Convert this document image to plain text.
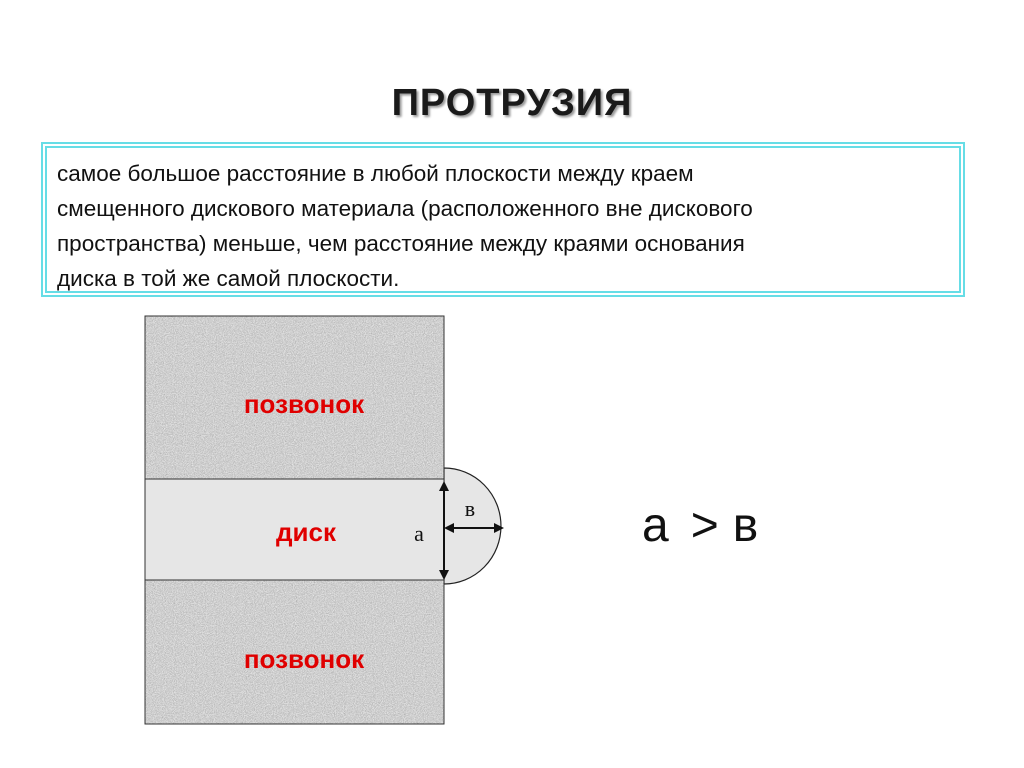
ПРОТРУЗИЯ
самое большое расстояние в любой плоскости между краем
смещенного дискового материала (расположенного вне дискового
пространства) меньше, чем расстояние между краями основания
диска в той же самой плоскости.
позвонок
диск
позвонок
а
в	а > в
